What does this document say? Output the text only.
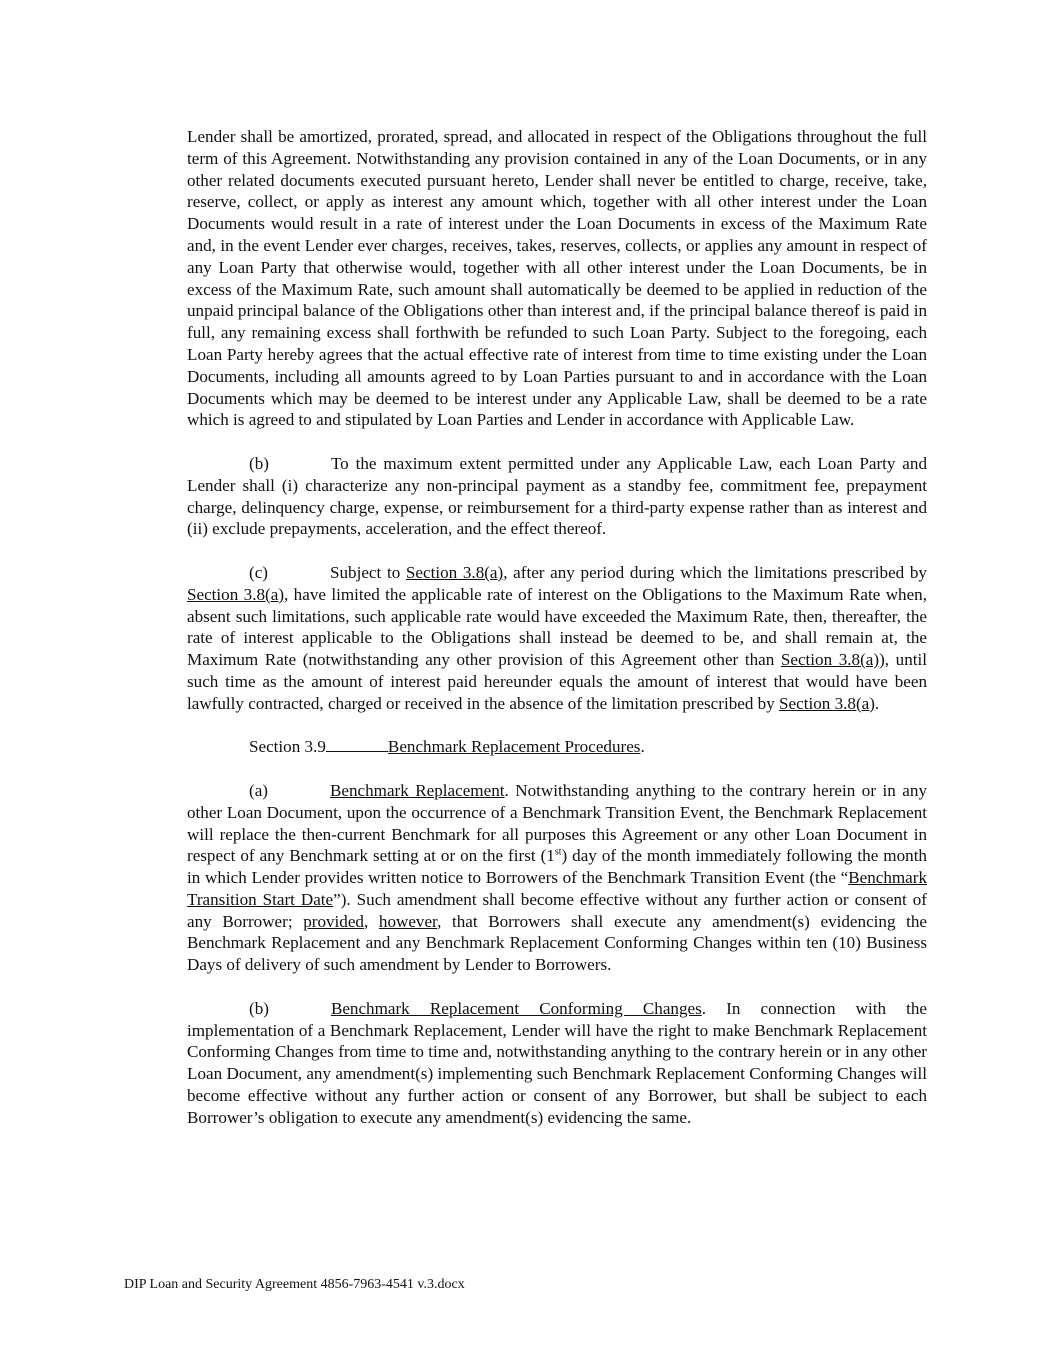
Lender shall be amortized, prorated, spread, and allocated in respect of the Obligations throughout the full term of this Agreement. Notwithstanding any provision contained in any of the Loan Documents, or in any other related documents executed pursuant hereto, Lender shall never be entitled to charge, receive, take, reserve, collect, or apply as interest any amount which, together with all other interest under the Loan Documents would result in a rate of interest under the Loan Documents in excess of the Maximum Rate and, in the event Lender ever charges, receives, takes, reserves, collects, or applies any amount in respect of any Loan Party that otherwise would, together with all other interest under the Loan Documents, be in excess of the Maximum Rate, such amount shall automatically be deemed to be applied in reduction of the unpaid principal balance of the Obligations other than interest and, if the principal balance thereof is paid in full, any remaining excess shall forthwith be refunded to such Loan Party. Subject to the foregoing, each Loan Party hereby agrees that the actual effective rate of interest from time to time existing under the Loan Documents, including all amounts agreed to by Loan Parties pursuant to and in accordance with the Loan Documents which may be deemed to be interest under any Applicable Law, shall be deemed to be a rate which is agreed to and stipulated by Loan Parties and Lender in accordance with Applicable Law.

(b)	To the maximum extent permitted under any Applicable Law, each Loan Party and Lender shall (i) characterize any non-principal payment as a standby fee, commitment fee, prepayment charge, delinquency charge, expense, or reimbursement for a third-party expense rather than as interest and (ii) exclude prepayments, acceleration, and the effect thereof.

(c)	Subject to Section 3.8(a), after any period during which the limitations prescribed by Section 3.8(a), have limited the applicable rate of interest on the Obligations to the Maximum Rate when, absent such limitations, such applicable rate would have exceeded the Maximum Rate, then, thereafter, the rate of interest applicable to the Obligations shall instead be deemed to be, and shall remain at, the Maximum Rate (notwithstanding any other provision of this Agreement other than Section 3.8(a)), until such time as the amount of interest paid hereunder equals the amount of interest that would have been lawfully contracted, charged or received in the absence of the limitation prescribed by Section 3.8(a).

Section 3.9	Benchmark Replacement Procedures.

(a)	Benchmark Replacement. Notwithstanding anything to the contrary herein or in any other Loan Document, upon the occurrence of a Benchmark Transition Event, the Benchmark Replacement will replace the then-current Benchmark for all purposes this Agreement or any other Loan Document in respect of any Benchmark setting at or on the first (1st) day of the month immediately following the month in which Lender provides written notice to Borrowers of the Benchmark Transition Event (the “Benchmark Transition Start Date”). Such amendment shall become effective without any further action or consent of any Borrower; provided, however, that Borrowers shall execute any amendment(s) evidencing the Benchmark Replacement and any Benchmark Replacement Conforming Changes within ten (10) Business Days of delivery of such amendment by Lender to Borrowers.

(b)	Benchmark Replacement Conforming Changes. In connection with the implementation of a Benchmark Replacement, Lender will have the right to make Benchmark Replacement Conforming Changes from time to time and, notwithstanding anything to the contrary herein or in any other Loan Document, any amendment(s) implementing such Benchmark Replacement Conforming Changes will become effective without any further action or consent of any Borrower, but shall be subject to each Borrower’s obligation to execute any amendment(s) evidencing the same.

DIP Loan and Security Agreement 4856-7963-4541 v.3.docx
